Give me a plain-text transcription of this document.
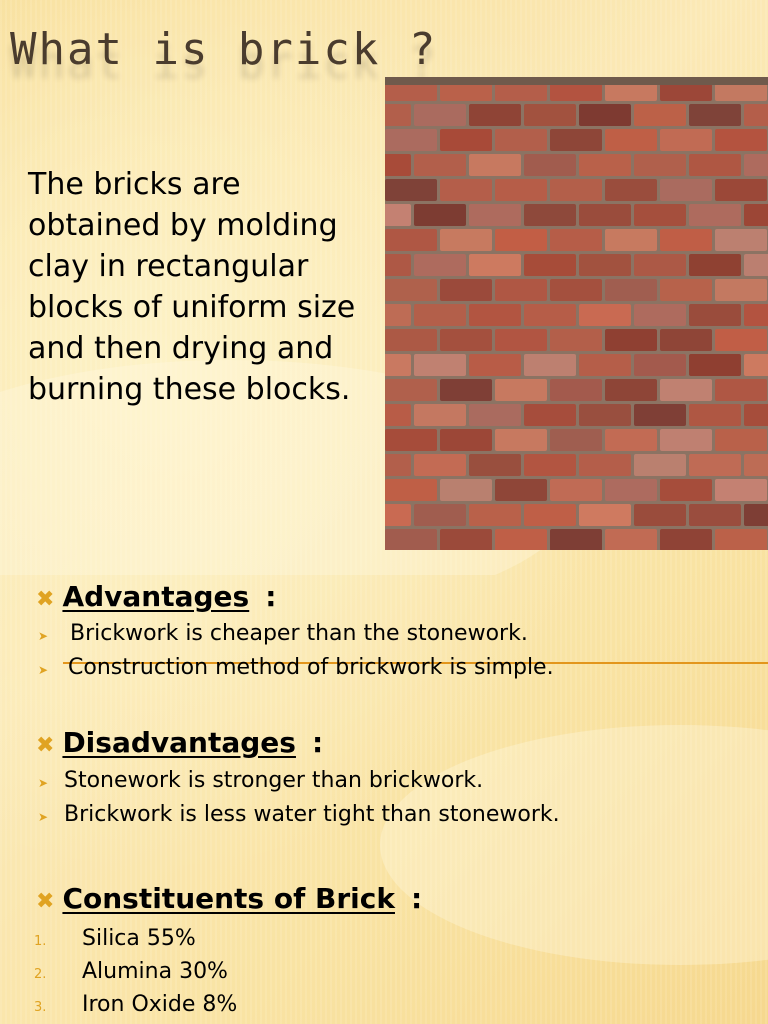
What is brick ?
The bricks are obtained by molding clay in rectangular blocks of uniform size and then drying and burning these blocks.
✖ Advantages :
➤ Brickwork is cheaper than the stonework.
➤ Construction method of brickwork is simple.
✖ Disadvantages :
➤ Stonework is stronger than brickwork.
➤ Brickwork is less water tight than stonework.
✖ Constituents of Brick :
1.	Silica 55%
2.	Alumina 30%
3.	Iron Oxide 8%
